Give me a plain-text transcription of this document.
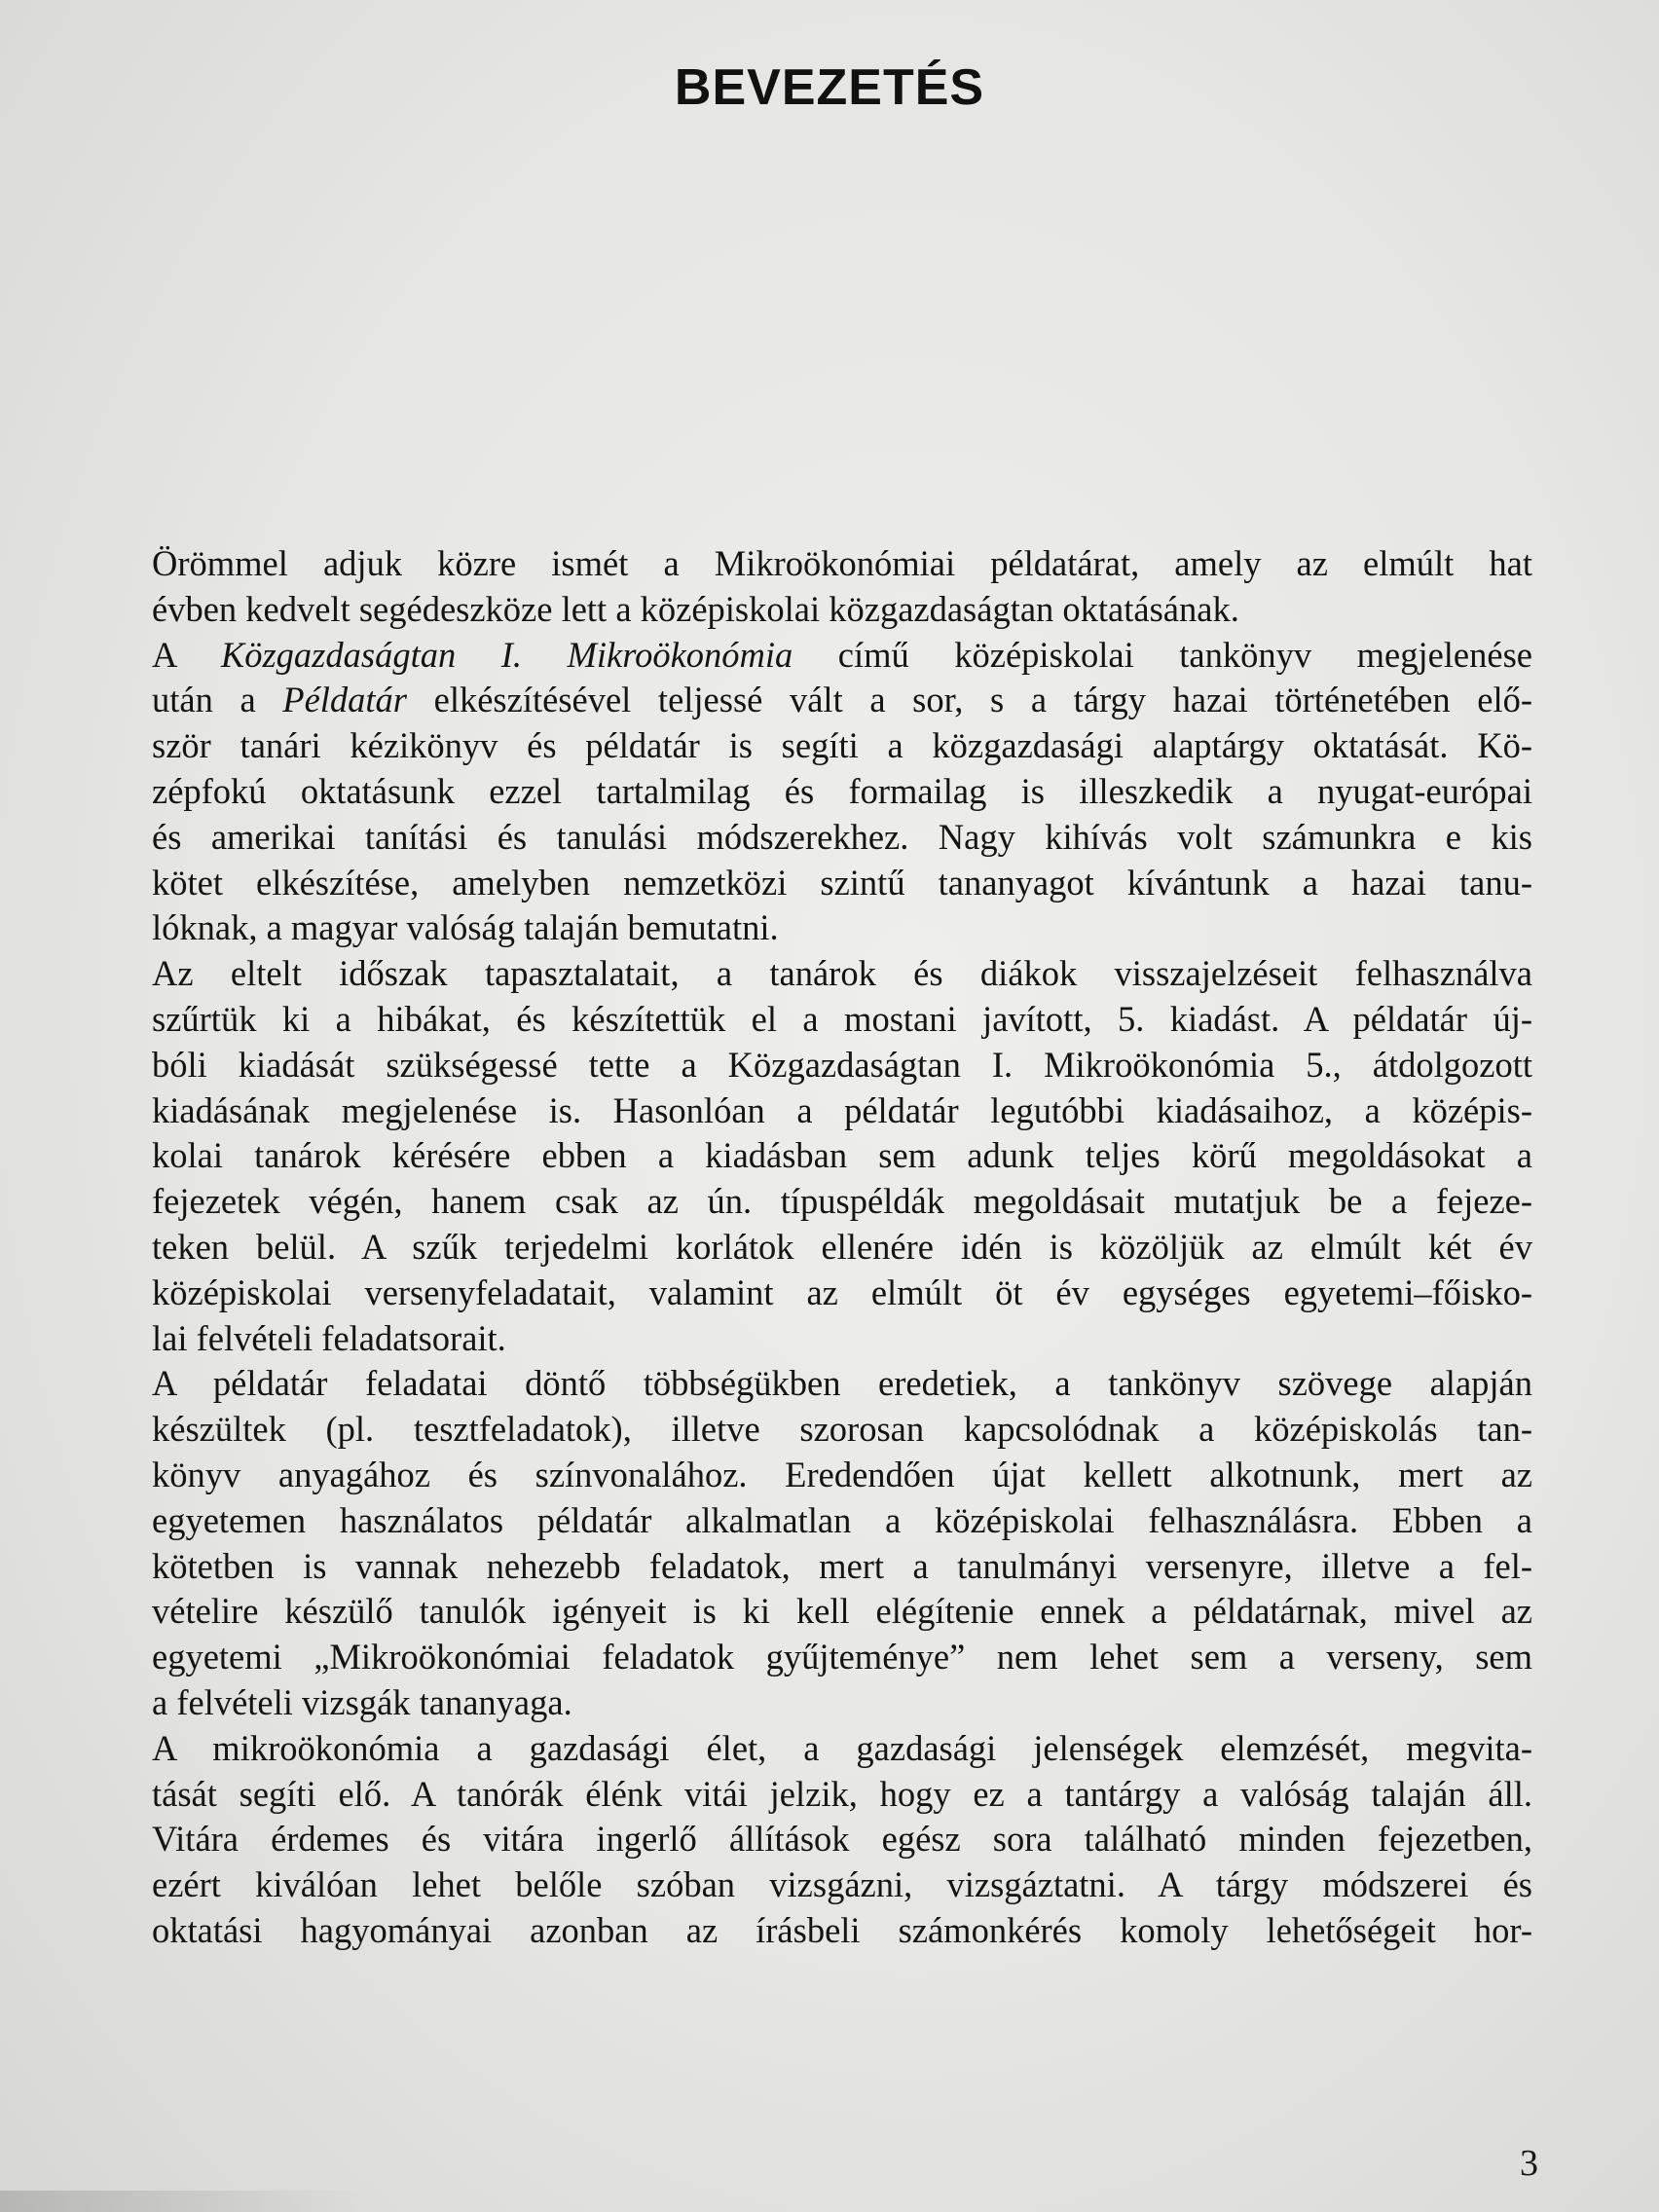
BEVEZETÉS

Örömmel adjuk közre ismét a Mikroökonómiai példatárat, amely az elmúlt hat
évben kedvelt segédeszköze lett a középiskolai közgazdaságtan oktatásának.

A Közgazdaságtan I. Mikroökonómia című középiskolai tankönyv megjelenése
után a Példatár elkészítésével teljessé vált a sor, s a tárgy hazai történetében elő-
ször tanári kézikönyv és példatár is segíti a közgazdasági alaptárgy oktatását. Kö-
zépfokú oktatásunk ezzel tartalmilag és formailag is illeszkedik a nyugat-európai
és amerikai tanítási és tanulási módszerekhez. Nagy kihívás volt számunkra e kis
kötet elkészítése, amelyben nemzetközi szintű tananyagot kívántunk a hazai tanu-
lóknak, a magyar valóság talaján bemutatni.

Az eltelt időszak tapasztalatait, a tanárok és diákok visszajelzéseit felhasználva
szűrtük ki a hibákat, és készítettük el a mostani javított, 5. kiadást. A példatár új-
bóli kiadását szükségessé tette a Közgazdaságtan I. Mikroökonómia 5., átdolgozott
kiadásának megjelenése is. Hasonlóan a példatár legutóbbi kiadásaihoz, a középis-
kolai tanárok kérésére ebben a kiadásban sem adunk teljes körű megoldásokat a
fejezetek végén, hanem csak az ún. típuspéldák megoldásait mutatjuk be a fejeze-
teken belül. A szűk terjedelmi korlátok ellenére idén is közöljük az elmúlt két év
középiskolai versenyfeladatait, valamint az elmúlt öt év egységes egyetemi–főisko-
lai felvételi feladatsorait.

A példatár feladatai döntő többségükben eredetiek, a tankönyv szövege alapján
készültek (pl. tesztfeladatok), illetve szorosan kapcsolódnak a középiskolás tan-
könyv anyagához és színvonalához. Eredendően újat kellett alkotnunk, mert az
egyetemen használatos példatár alkalmatlan a középiskolai felhasználásra. Ebben a
kötetben is vannak nehezebb feladatok, mert a tanulmányi versenyre, illetve a fel-
vételire készülő tanulók igényeit is ki kell elégítenie ennek a példatárnak, mivel az
egyetemi „Mikroökonómiai feladatok gyűjteménye” nem lehet sem a verseny, sem
a felvételi vizsgák tananyaga.

A mikroökonómia a gazdasági élet, a gazdasági jelenségek elemzését, megvita-
tását segíti elő. A tanórák élénk vitái jelzik, hogy ez a tantárgy a valóság talaján áll.
Vitára érdemes és vitára ingerlő állítások egész sora található minden fejezetben,
ezért kiválóan lehet belőle szóban vizsgázni, vizsgáztatni. A tárgy módszerei és
oktatási hagyományai azonban az írásbeli számonkérés komoly lehetőségeit hor-

3
